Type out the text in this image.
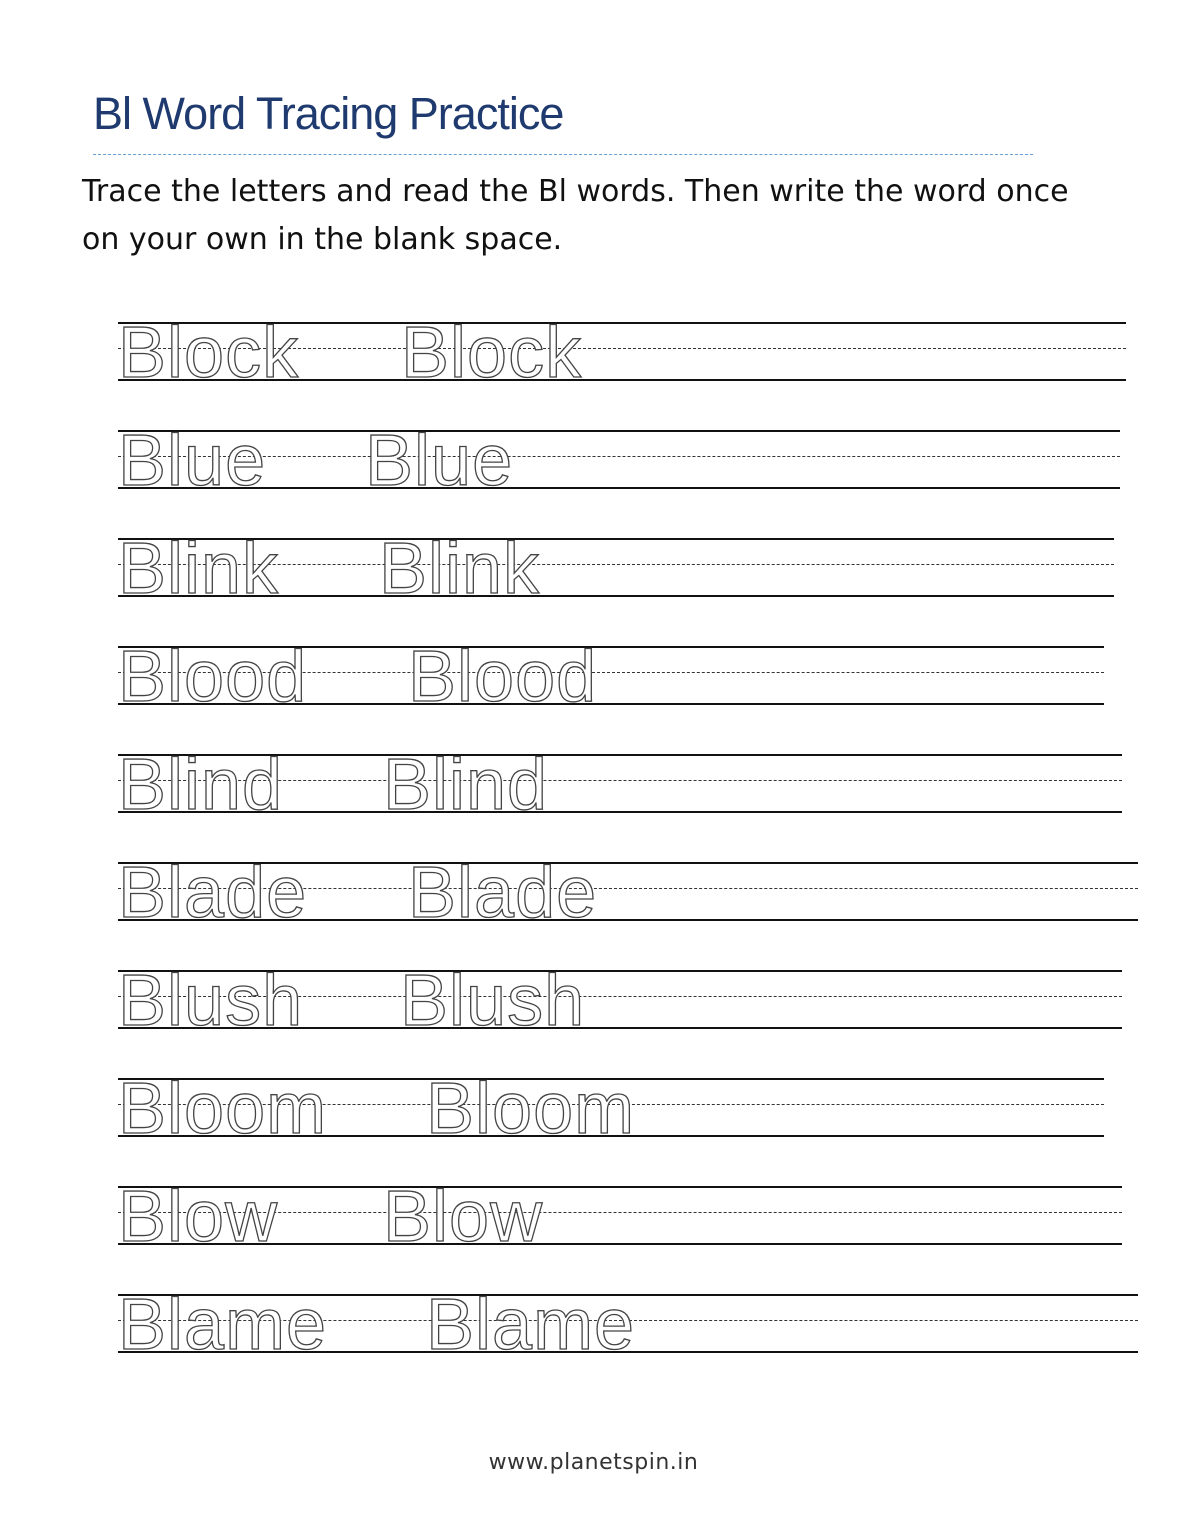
Bl Word Tracing Practice

Trace the letters and read the Bl words. Then write the word once on your own in the blank space.

Block Block
Blue Blue
Blink Blink
Blood Blood
Blind Blind
Blade Blade
Blush Blush
Bloom Bloom
Blow Blow
Blame Blame
www.planetspin.in
